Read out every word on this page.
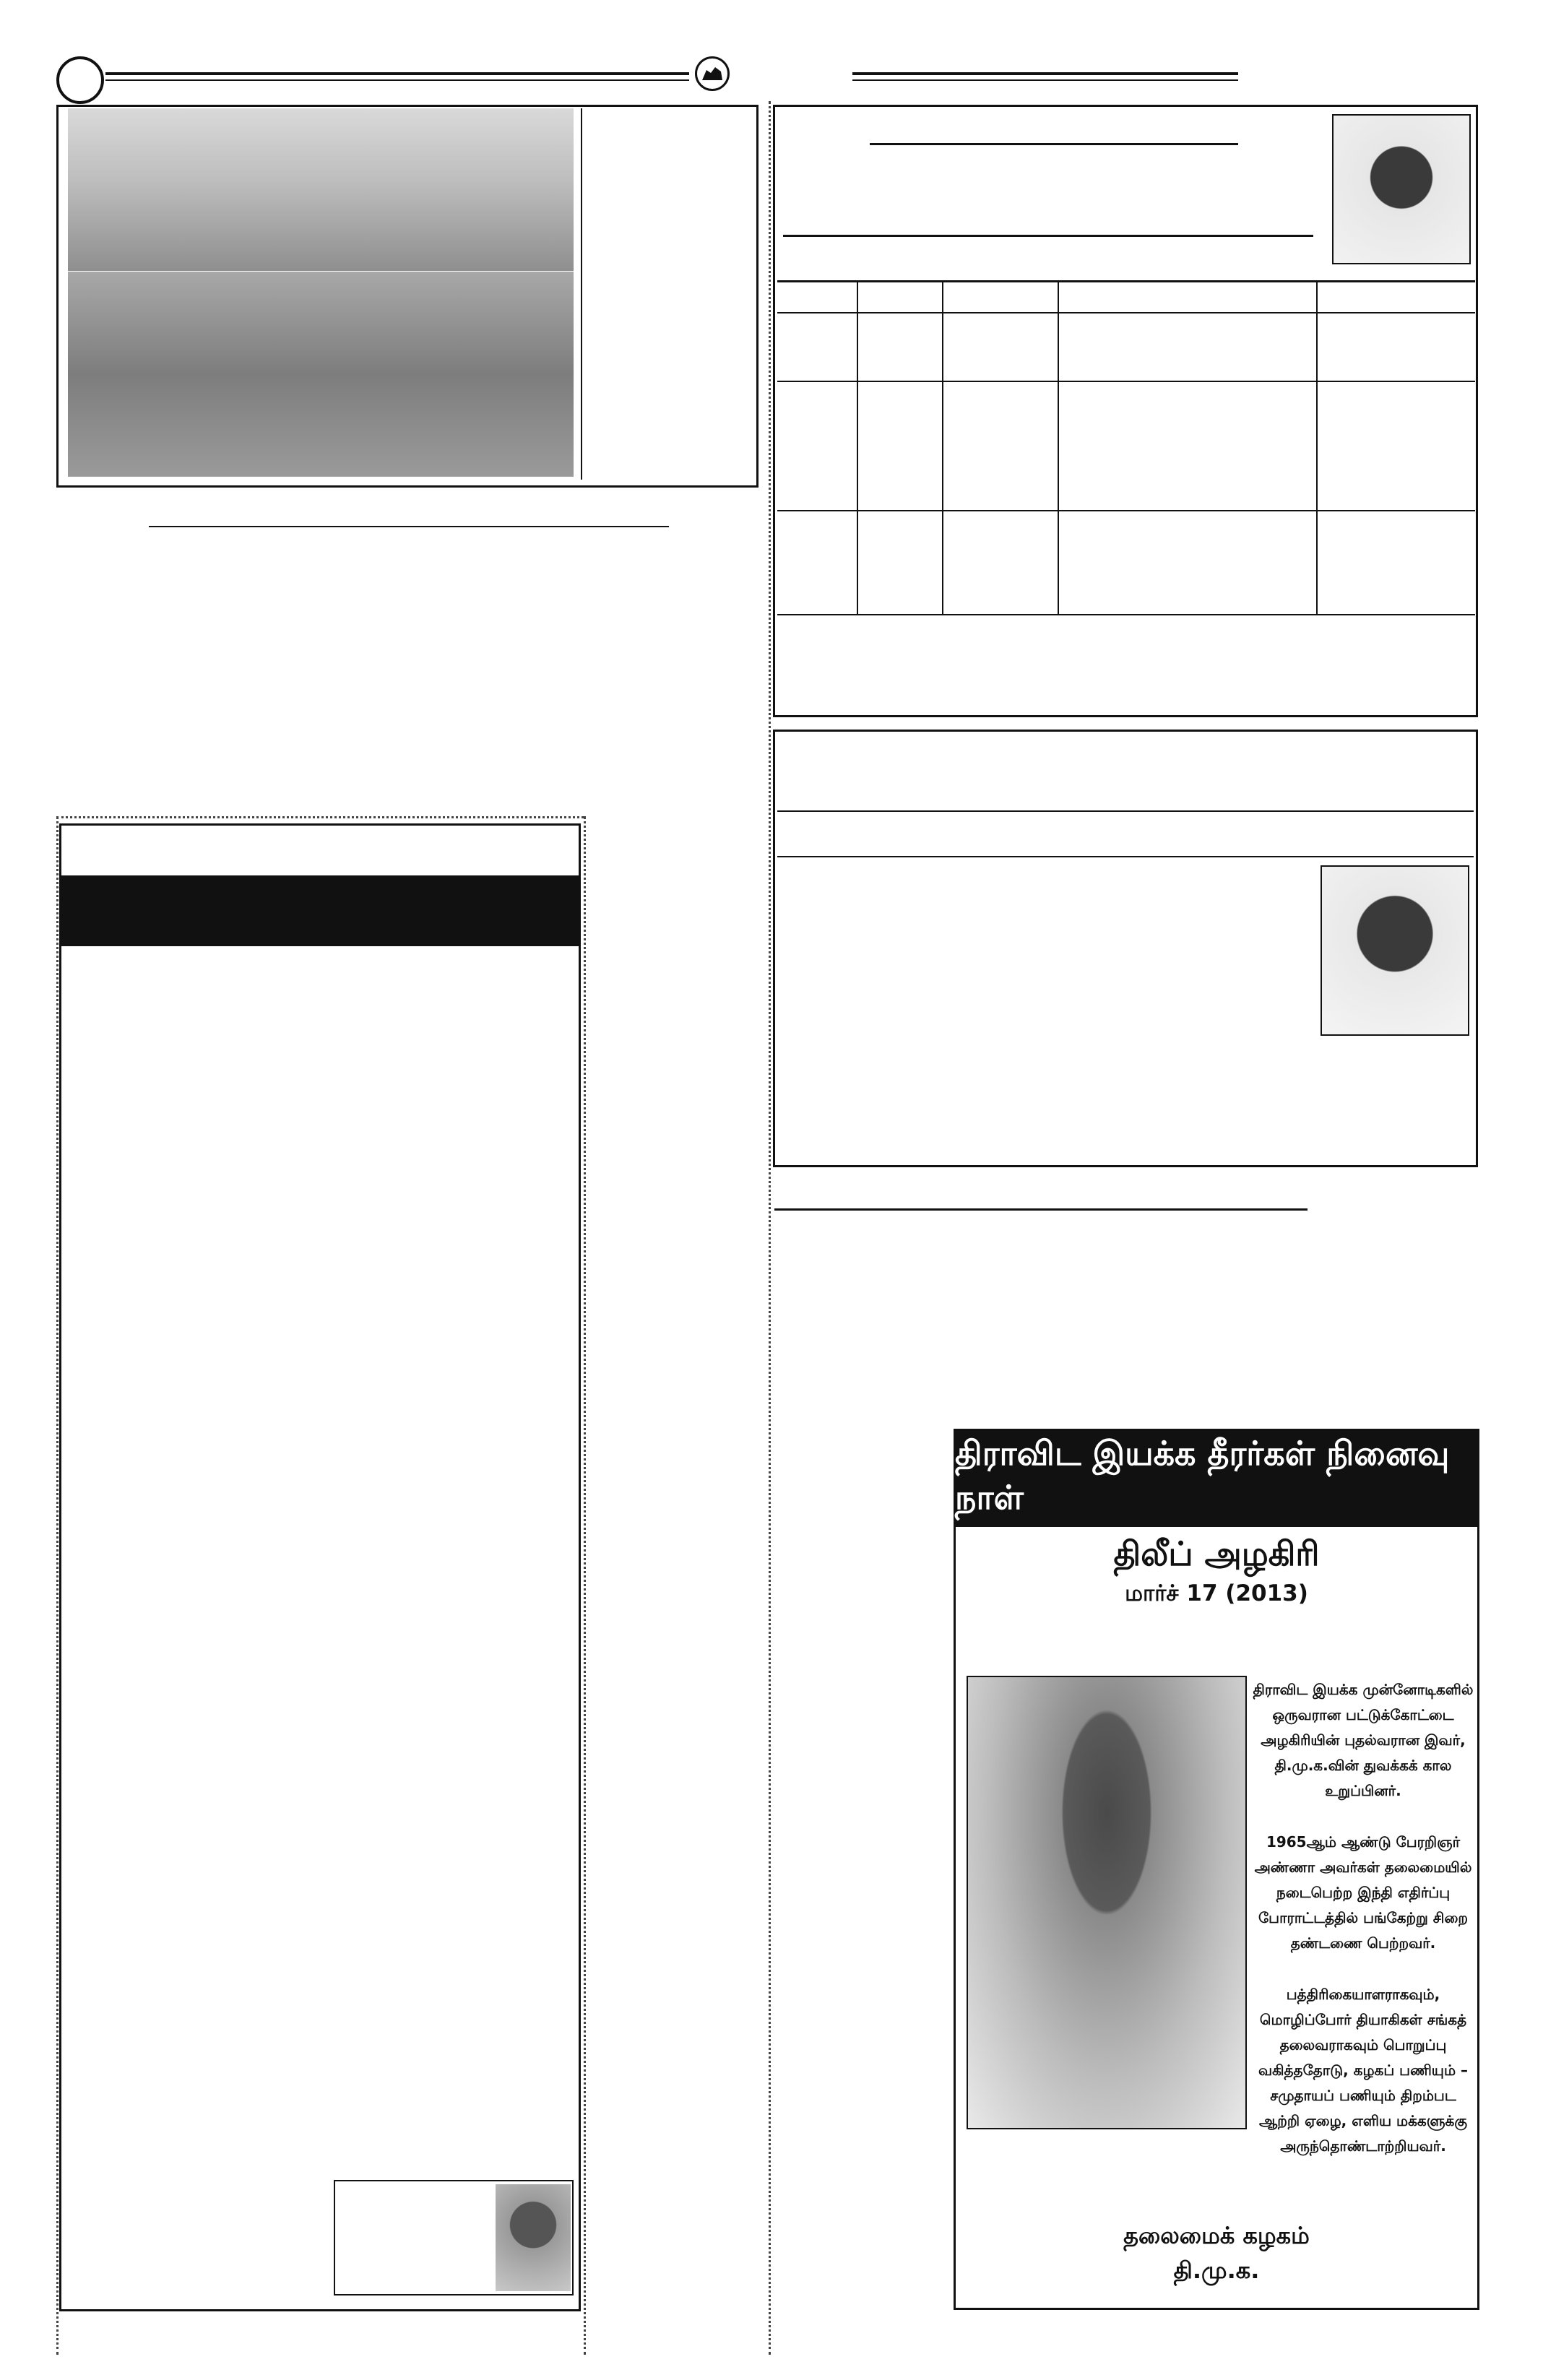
திராவிட இயக்க தீரர்கள் நினைவு நாள்
திலீப் அழகிரி
மார்ச் 17 (2013)

திராவிட இயக்க முன்னோடிகளில் ஒருவரான பட்டுக்கோட்டை அழகிரியின் புதல்வரான இவர், தி.மு.க.வின் துவக்கக் கால உறுப்பினர்.

1965ஆம் ஆண்டு பேரறிஞர் அண்ணா அவர்கள் தலைமையில் நடைபெற்ற இந்தி எதிர்ப்பு போராட்டத்தில் பங்கேற்று சிறை தண்டணை பெற்றவர்.

பத்திரிகையாளராகவும், மொழிப்போர் தியாகிகள் சங்கத் தலைவராகவும் பொறுப்பு வகித்ததோடு, கழகப் பணியும் – சமுதாயப் பணியும் திறம்பட ஆற்றி ஏழை, எளிய மக்களுக்கு அருந்தொண்டாற்றியவர்.

தலைமைக் கழகம்
தி.மு.க.
